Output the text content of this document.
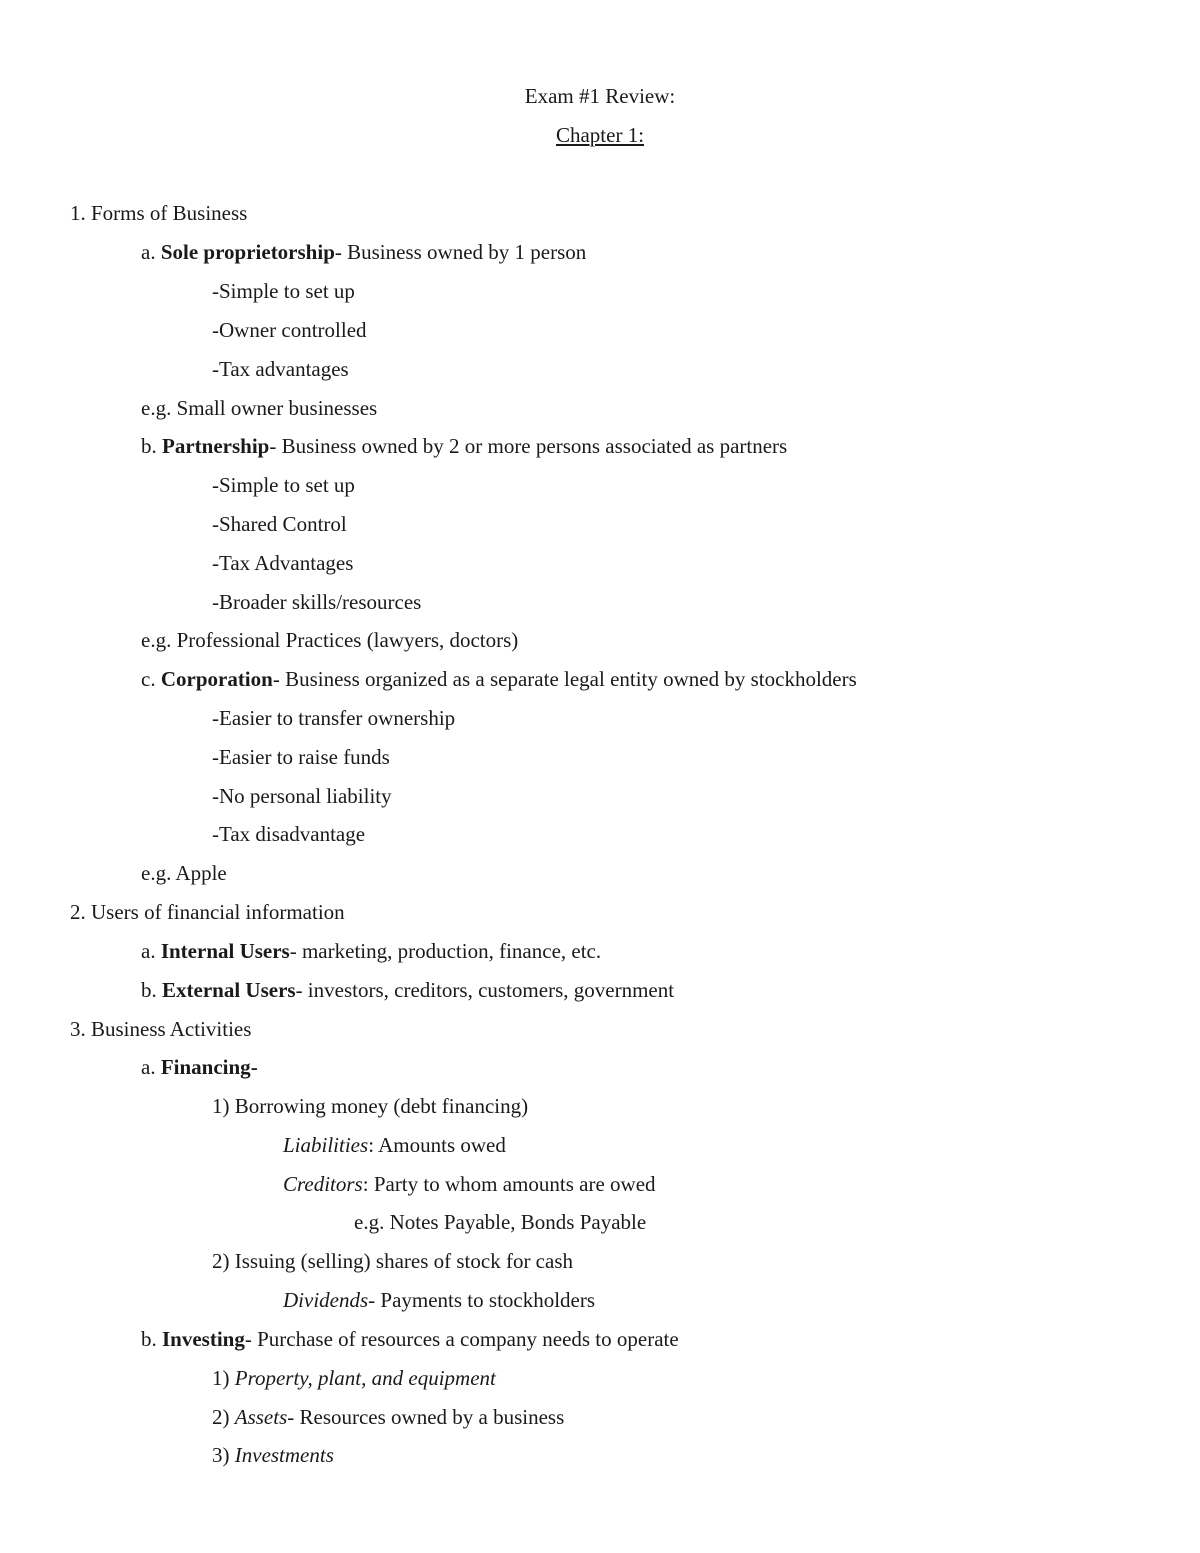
Exam #1 Review:
Chapter 1:
1. Forms of Business
a. Sole proprietorship- Business owned by 1 person
-Simple to set up
-Owner controlled
-Tax advantages
e.g. Small owner businesses
b. Partnership- Business owned by 2 or more persons associated as partners
-Simple to set up
-Shared Control
-Tax Advantages
-Broader skills/resources
e.g. Professional Practices (lawyers, doctors)
c. Corporation- Business organized as a separate legal entity owned by stockholders
-Easier to transfer ownership
-Easier to raise funds
-No personal liability
-Tax disadvantage
e.g. Apple
2. Users of financial information
a. Internal Users- marketing, production, finance, etc.
b. External Users- investors, creditors, customers, government
3. Business Activities
a. Financing-
1) Borrowing money (debt financing)
Liabilities: Amounts owed
Creditors: Party to whom amounts are owed
e.g. Notes Payable, Bonds Payable
2) Issuing (selling) shares of stock for cash
Dividends- Payments to stockholders
b. Investing- Purchase of resources a company needs to operate
1) Property, plant, and equipment
2) Assets- Resources owned by a business
3) Investments
